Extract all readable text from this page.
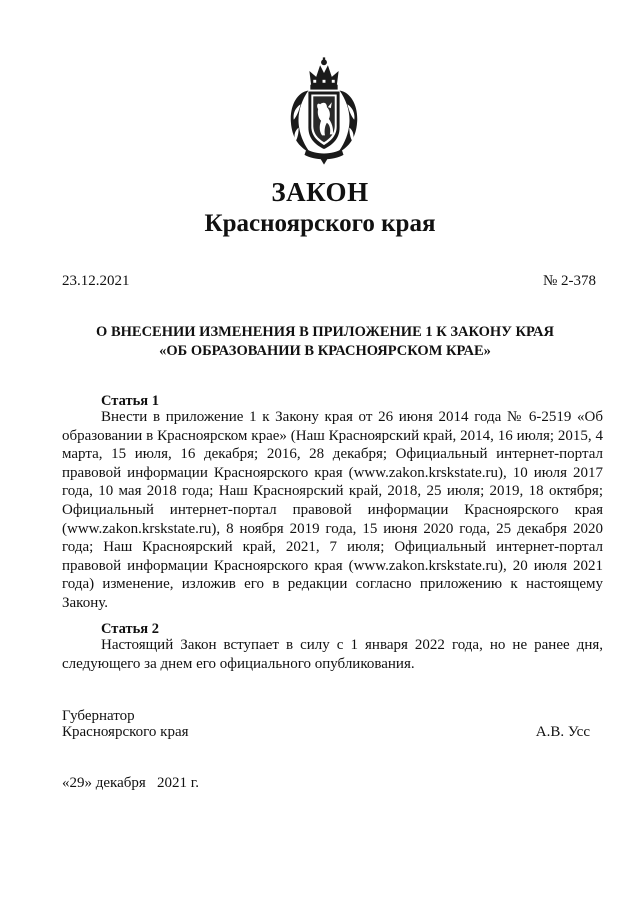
ЗАКОН
Красноярского края
23.12.2021	№ 2-378
О ВНЕСЕНИИ ИЗМЕНЕНИЯ В ПРИЛОЖЕНИЕ 1 К ЗАКОНУ КРАЯ
«ОБ ОБРАЗОВАНИИ В КРАСНОЯРСКОМ КРАЕ»
Статья 1
Внести в приложение 1 к Закону края от 26 июня 2014 года № 6-2519 «Об образовании в Красноярском крае» (Наш Красноярский край, 2014, 16 июля; 2015, 4 марта, 15 июля, 16 декабря; 2016, 28 декабря; Официальный интернет-портал правовой информации Красноярского края (www.zakon.krskstate.ru), 10 июля 2017 года, 10 мая 2018 года; Наш Красноярский край, 2018, 25 июля; 2019, 18 октября; Официальный интернет-портал правовой информации Красноярского края (www.zakon.krskstate.ru), 8 ноября 2019 года, 15 июня 2020 года, 25 декабря 2020 года; Наш Красноярский край, 2021, 7 июля; Официальный интернет-портал правовой информации Красноярского края (www.zakon.krskstate.ru), 20 июля 2021 года) изменение, изложив его в редакции согласно приложению к настоящему Закону.
Статья 2
Настоящий Закон вступает в силу с 1 января 2022 года, но не ранее дня, следующего за днем его официального опубликования.
Губернатор
Красноярского края	А.В. Усс
«29» декабря   2021 г.
